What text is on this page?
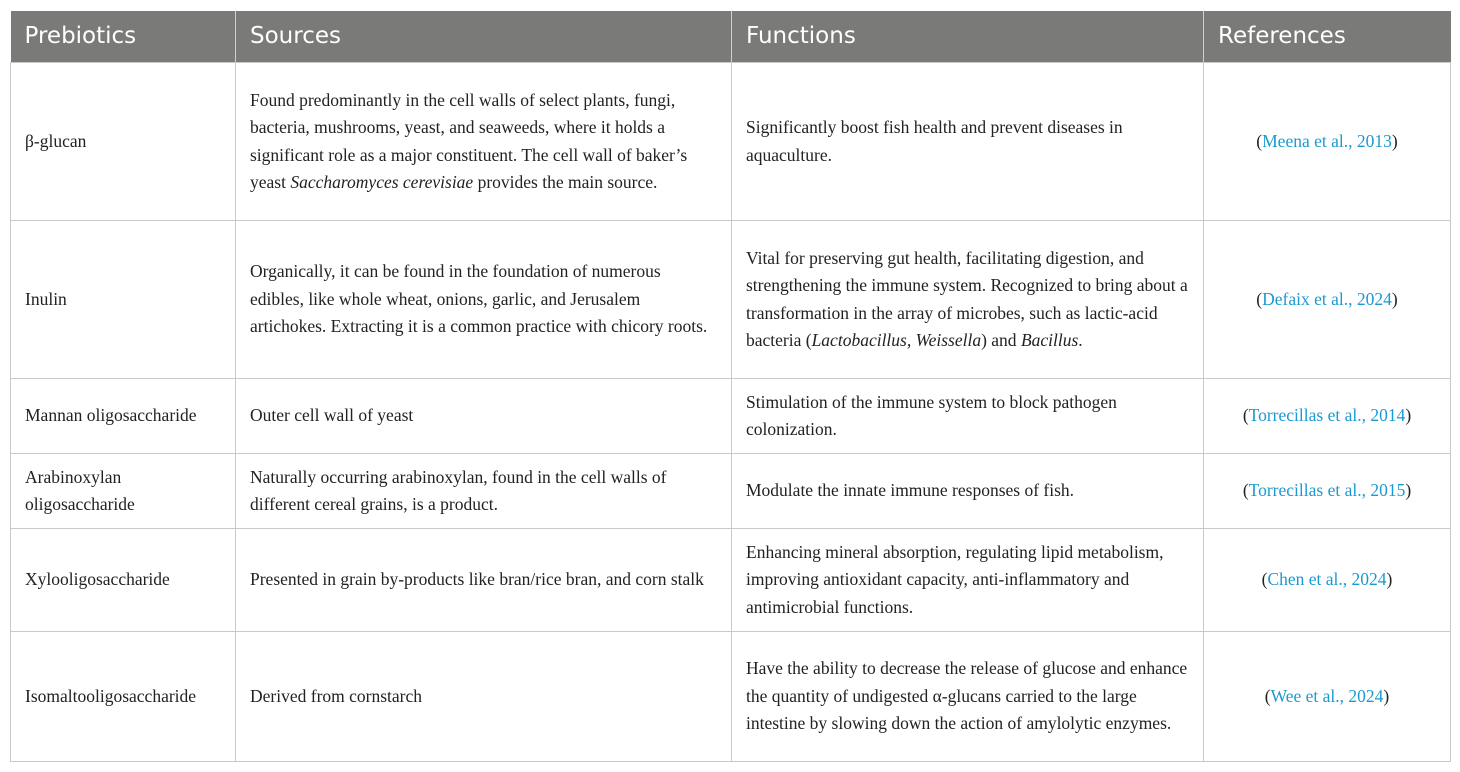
Prebiotics	Sources	Functions	References
β-glucan	Found predominantly in the cell walls of select plants, fungi, bacteria, mushrooms, yeast, and seaweeds, where it holds a significant role as a major constituent. The cell wall of baker’s yeast Saccharomyces cerevisiae provides the main source.	Significantly boost fish health and prevent diseases in aquaculture.	(Meena et al., 2013)
Inulin	Organically, it can be found in the foundation of numerous edibles, like whole wheat, onions, garlic, and Jerusalem artichokes. Extracting it is a common practice with chicory roots.	Vital for preserving gut health, facilitating digestion, and strengthening the immune system. Recognized to bring about a transformation in the array of microbes, such as lactic-acid bacteria (Lactobacillus, Weissella) and Bacillus.	(Defaix et al., 2024)
Mannan oligosaccharide	Outer cell wall of yeast	Stimulation of the immune system to block pathogen colonization.	(Torrecillas et al., 2014)
Arabinoxylan oligosaccharide	Naturally occurring arabinoxylan, found in the cell walls of different cereal grains, is a product.	Modulate the innate immune responses of fish.	(Torrecillas et al., 2015)
Xylooligosaccharide	Presented in grain by-products like bran/rice bran, and corn stalk	Enhancing mineral absorption, regulating lipid metabolism, improving antioxidant capacity, anti-inflammatory and antimicrobial functions.	(Chen et al., 2024)
Isomaltooligosaccharide	Derived from cornstarch	Have the ability to decrease the release of glucose and enhance the quantity of undigested α-glucans carried to the large intestine by slowing down the action of amylolytic enzymes.	(Wee et al., 2024)
